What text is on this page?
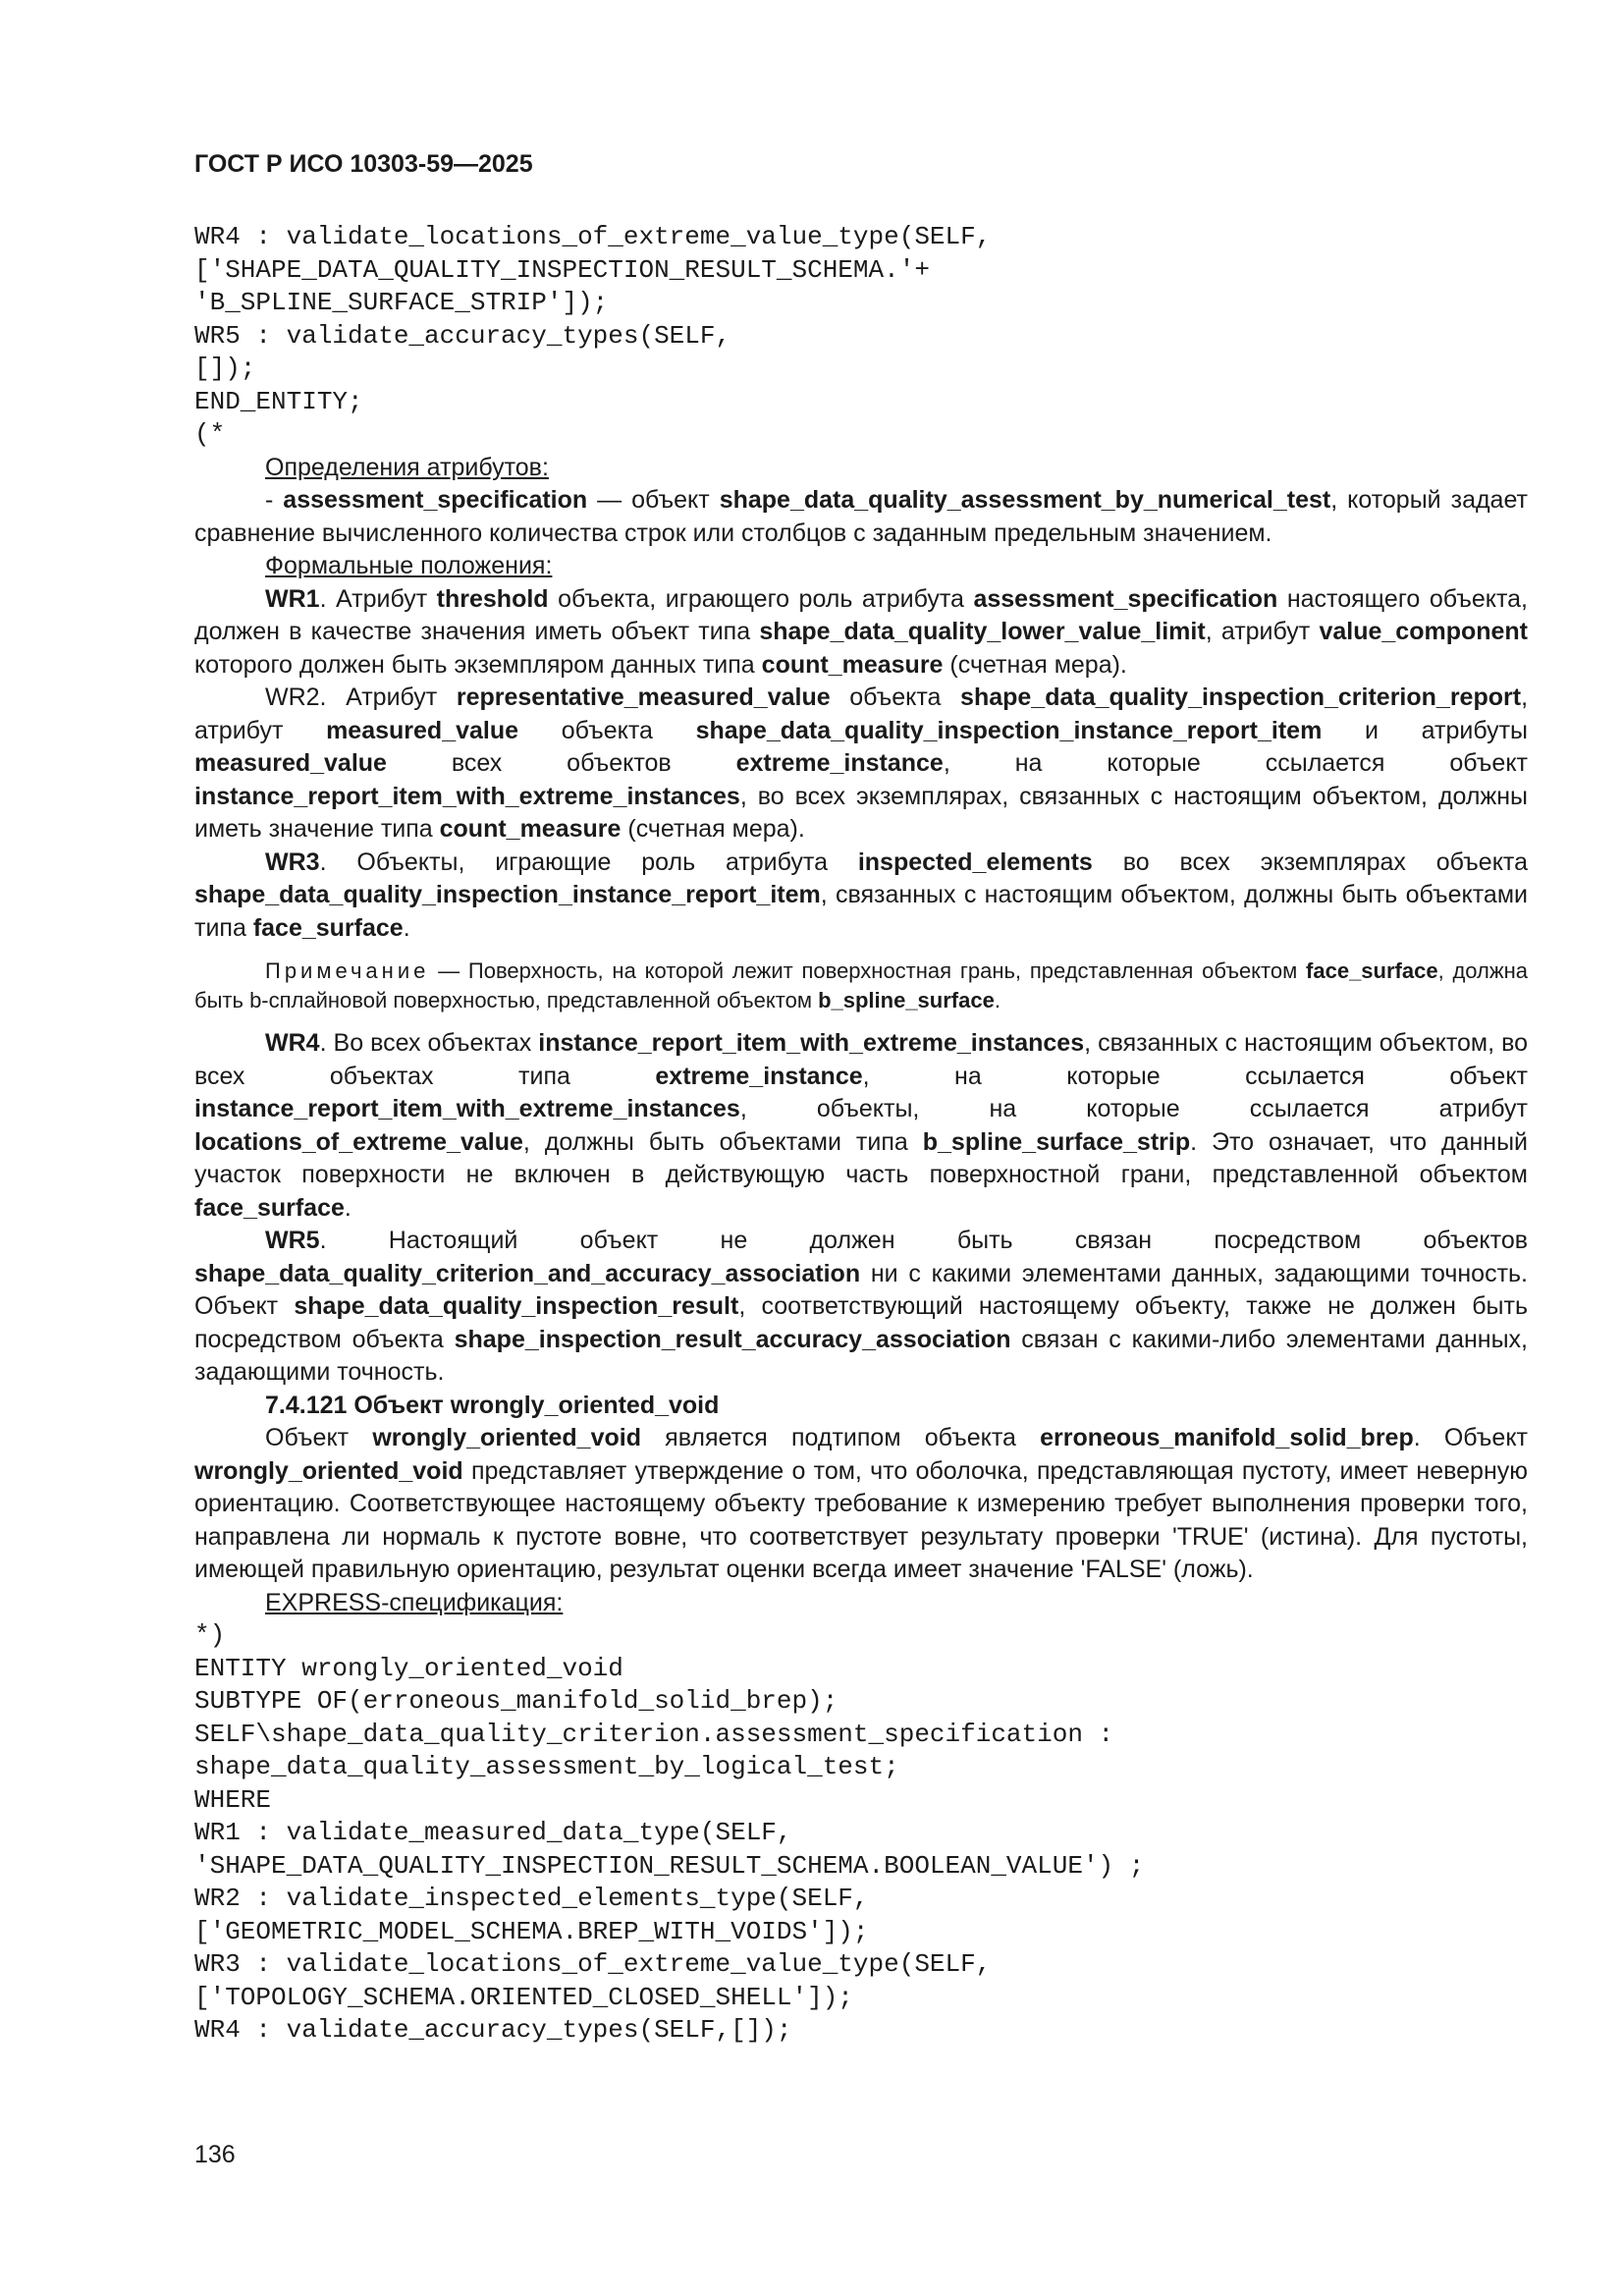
ГОСТ Р ИСО 10303-59—2025
WR4 : validate_locations_of_extreme_value_type(SELF,
['SHAPE_DATA_QUALITY_INSPECTION_RESULT_SCHEMA.'+
'B_SPLINE_SURFACE_STRIP']);
WR5 : validate_accuracy_types(SELF,
[]);
END_ENTITY;
(*

Определения атрибутов:

- assessment_specification — объект shape_data_quality_assessment_by_numerical_test, который задает сравнение вычисленного количества строк или столбцов с заданным предельным значением.

Формальные положения:

WR1. Атрибут threshold объекта, играющего роль атрибута assessment_specification настоящего объекта, должен в качестве значения иметь объект типа shape_data_quality_lower_value_limit, атрибут value_component которого должен быть экземпляром данных типа count_measure (счетная мера).

WR2. Атрибут representative_measured_value объекта shape_data_quality_inspection_criterion_report, атрибут measured_value объекта shape_data_quality_inspection_instance_report_item и атрибуты measured_value всех объектов extreme_instance, на которые ссылается объект instance_report_item_with_extreme_instances, во всех экземплярах, связанных с настоящим объектом, должны иметь значение типа count_measure (счетная мера).

WR3. Объекты, играющие роль атрибута inspected_elements во всех экземплярах объекта shape_data_quality_inspection_instance_report_item, связанных с настоящим объектом, должны быть объектами типа face_surface.

Примечание — Поверхность, на которой лежит поверхностная грань, представленная объектом face_surface, должна быть b-сплайновой поверхностью, представленной объектом b_spline_surface.

WR4. Во всех объектах instance_report_item_with_extreme_instances, связанных с настоящим объектом, во всех объектах типа extreme_instance, на которые ссылается объект instance_report_item_with_extreme_instances, объекты, на которые ссылается атрибут locations_of_extreme_value, должны быть объектами типа b_spline_surface_strip. Это означает, что данный участок поверхности не включен в действующую часть поверхностной грани, представленной объектом face_surface.

WR5. Настоящий объект не должен быть связан посредством объектов shape_data_quality_criterion_and_accuracy_association ни с какими элементами данных, задающими точность. Объект shape_data_quality_inspection_result, соответствующий настоящему объекту, также не должен быть посредством объекта shape_inspection_result_accuracy_association связан с какими-либо элементами данных, задающими точность.

7.4.121 Объект wrongly_oriented_void

Объект wrongly_oriented_void является подтипом объекта erroneous_manifold_solid_brep. Объект wrongly_oriented_void представляет утверждение о том, что оболочка, представляющая пустоту, имеет неверную ориентацию. Соответствующее настоящему объекту требование к измерению требует выполнения проверки того, направлена ли нормаль к пустоте вовне, что соответствует результату проверки 'TRUE' (истина). Для пустоты, имеющей правильную ориентацию, результат оценки всегда имеет значение 'FALSE' (ложь).

EXPRESS-спецификация:

*)
ENTITY wrongly_oriented_void
SUBTYPE OF(erroneous_manifold_solid_brep);
SELF\shape_data_quality_criterion.assessment_specification :
shape_data_quality_assessment_by_logical_test;
WHERE
WR1 : validate_measured_data_type(SELF,
'SHAPE_DATA_QUALITY_INSPECTION_RESULT_SCHEMA.BOOLEAN_VALUE') ;
WR2 : validate_inspected_elements_type(SELF,
['GEOMETRIC_MODEL_SCHEMA.BREP_WITH_VOIDS']);
WR3 : validate_locations_of_extreme_value_type(SELF,
['TOPOLOGY_SCHEMA.ORIENTED_CLOSED_SHELL']);
WR4 : validate_accuracy_types(SELF,[]);
136
